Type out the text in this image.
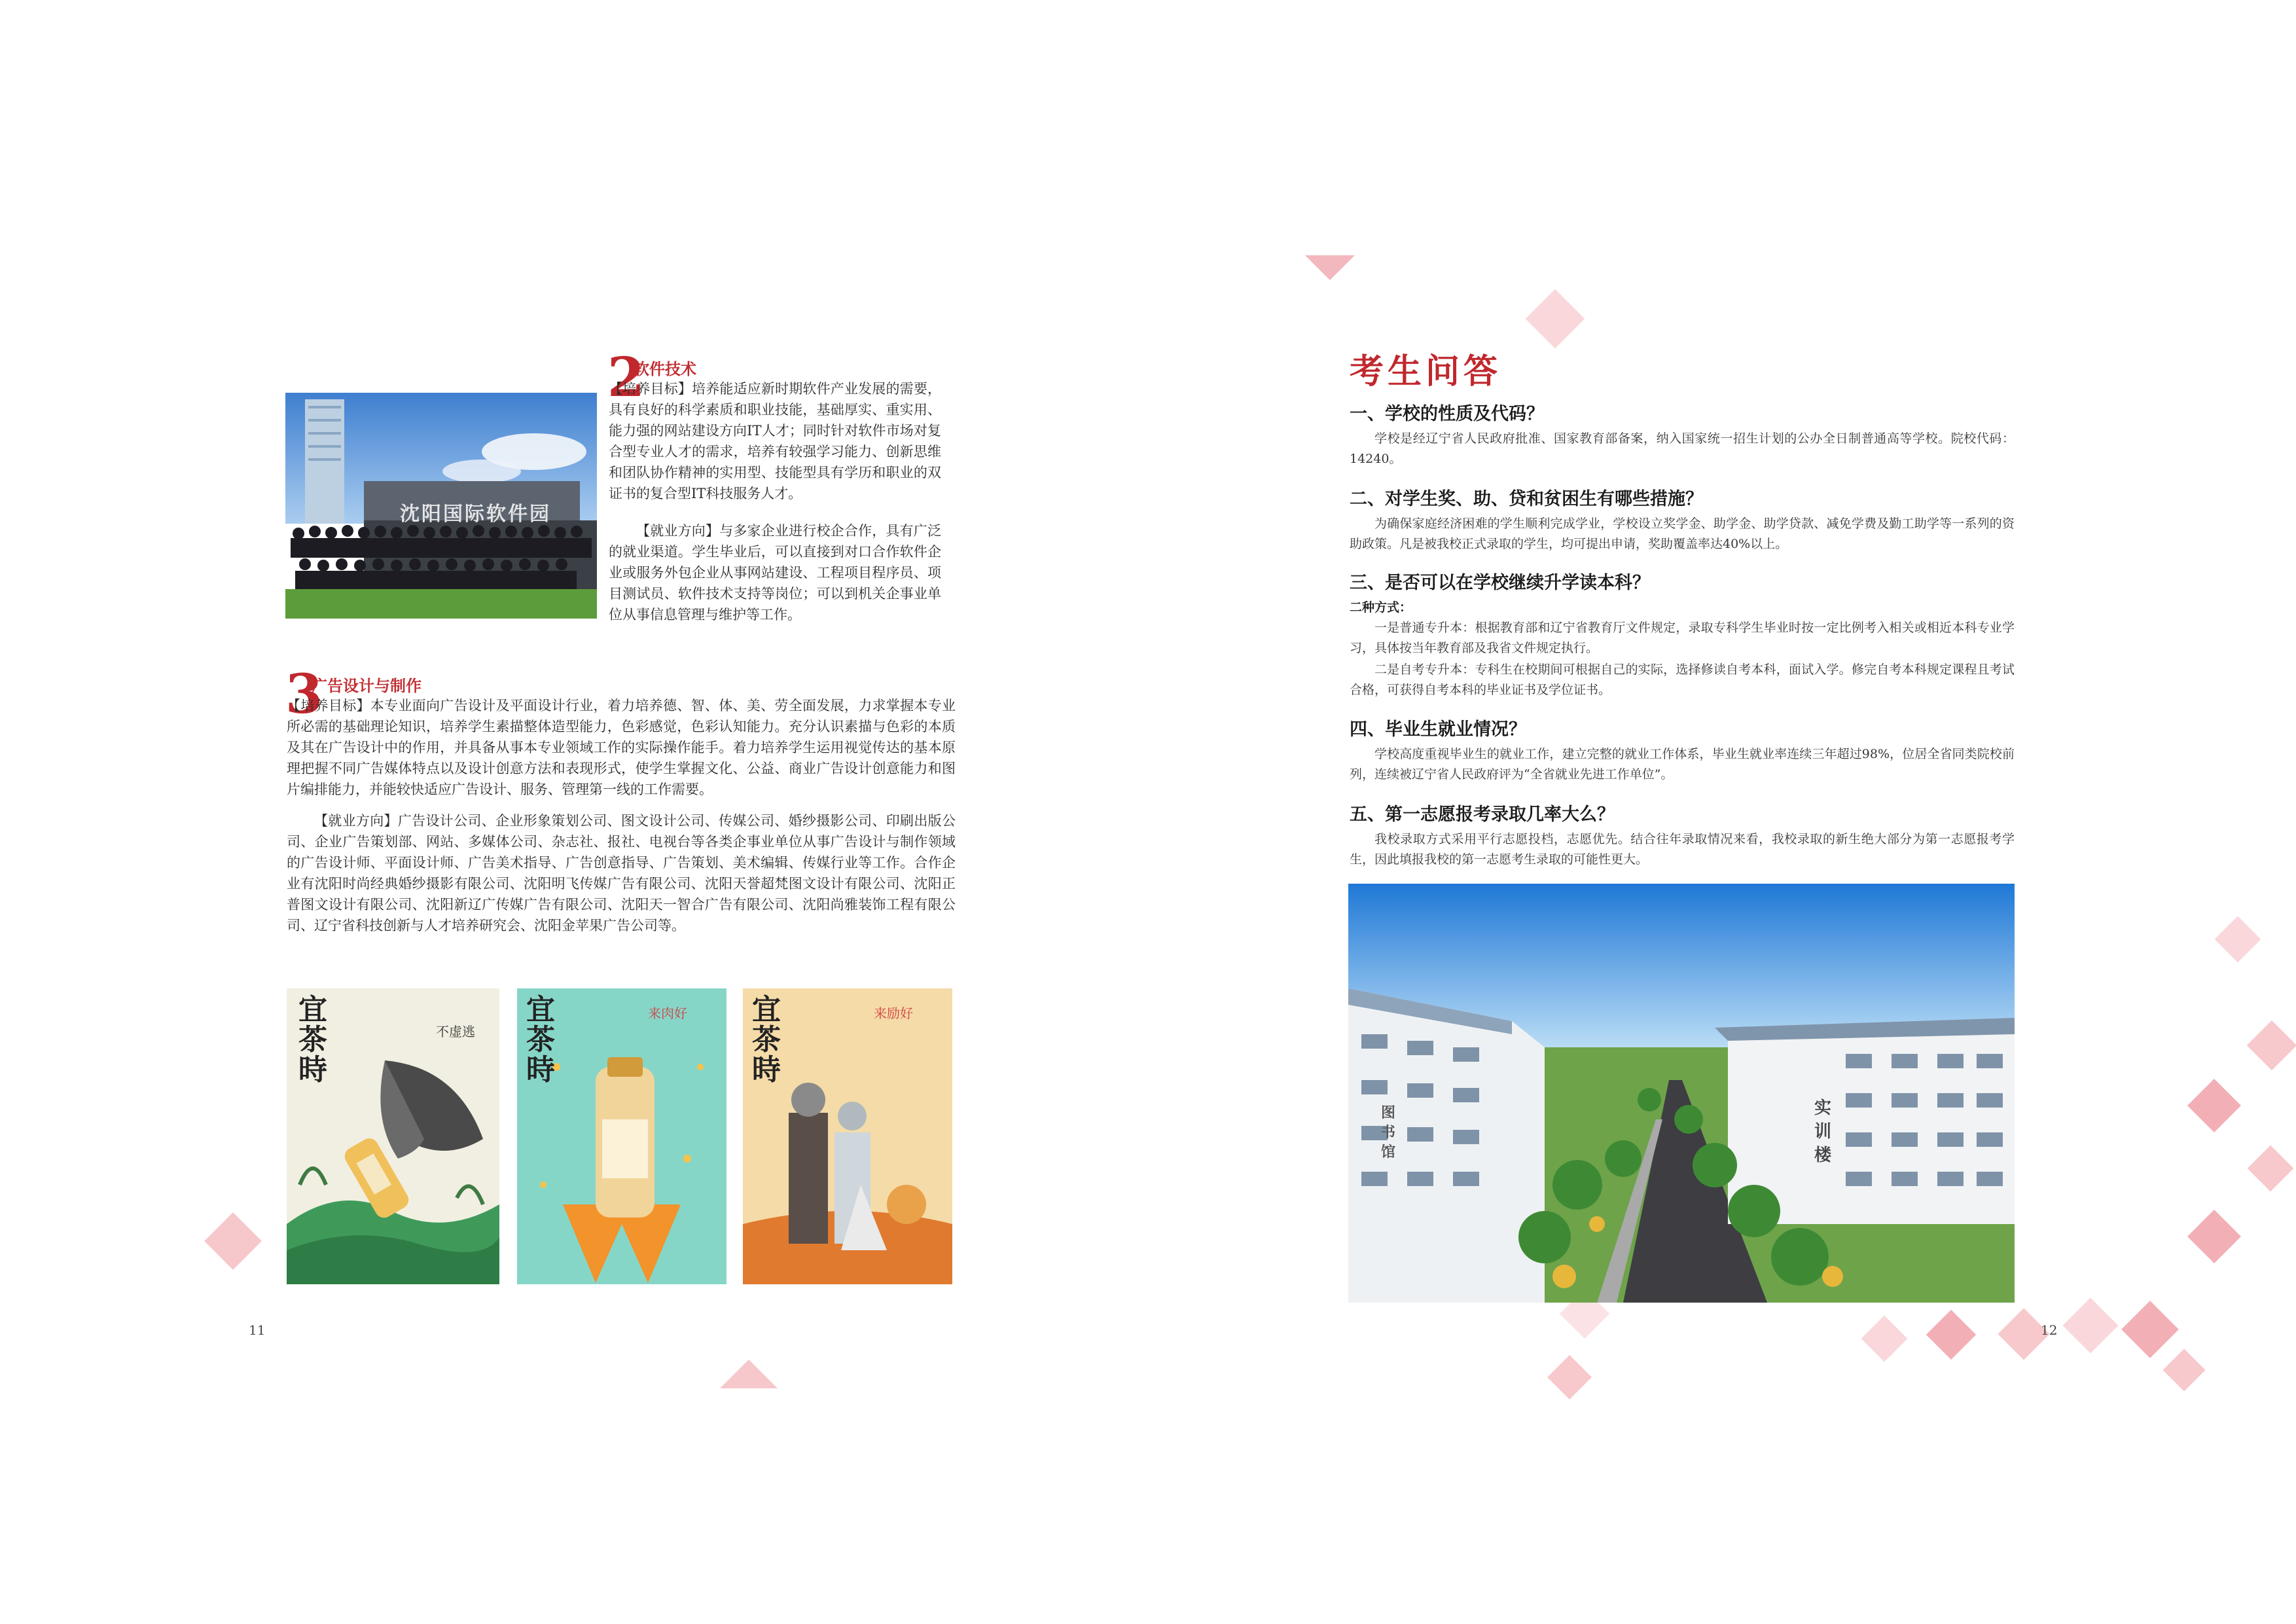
沈阳国际软件园
2
软件技术

【培养目标】培养能适应新时期软件产业发展的需要，具有良好的科学素质和职业技能，基础厚实、重实用、能力强的网站建设方向IT人才；同时针对软件市场对复合型专业人才的需求，培养有较强学习能力、创新思维和团队协作精神的实用型、技能型具有学历和职业的双证书的复合型IT科技服务人才。

【就业方向】与多家企业进行校企合作，具有广泛的就业渠道。学生毕业后，可以直接到对口合作软件企业或服务外包企业从事网站建设、工程项目程序员、项目测试员、软件技术支持等岗位；可以到机关企事业单位从事信息管理与维护等工作。

3
广告设计与制作

【培养目标】本专业面向广告设计及平面设计行业，着力培养德、智、体、美、劳全面发展，力求掌握本专业所必需的基础理论知识，培养学生素描整体造型能力，色彩感觉，色彩认知能力。充分认识素描与色彩的本质及其在广告设计中的作用，并具备从事本专业领域工作的实际操作能手。着力培养学生运用视觉传达的基本原理把握不同广告媒体特点以及设计创意方法和表现形式，使学生掌握文化、公益、商业广告设计创意能力和图片编排能力，并能较快适应广告设计、服务、管理第一线的工作需要。

【就业方向】广告设计公司、企业形象策划公司、图文设计公司、传媒公司、婚纱摄影公司、印刷出版公司、企业广告策划部、网站、多媒体公司、杂志社、报社、电视台等各类企事业单位从事广告设计与制作领域的广告设计师、平面设计师、广告美术指导、广告创意指导、广告策划、美术编辑、传媒行业等工作。合作企业有沈阳时尚经典婚纱摄影有限公司、沈阳明飞传媒广告有限公司、沈阳天誉超梵图文设计有限公司、沈阳正普图文设计有限公司、沈阳新辽广传媒广告有限公司、沈阳天一智合广告有限公司、沈阳尚雅装饰工程有限公司、辽宁省科技创新与人才培养研究会、沈阳金苹果广告公司等。

宜
茶
時
不虚逃
宜
茶
時
来肉好 宜
茶
時
来励好
11
考生问答
一、学校的性质及代码？

学校是经辽宁省人民政府批准、国家教育部备案，纳入国家统一招生计划的公办全日制普通高等学校。院校代码：14240。

二、对学生奖、助、贷和贫困生有哪些措施？

为确保家庭经济困难的学生顺利完成学业，学校设立奖学金、助学金、助学贷款、减免学费及勤工助学等一系列的资助政策。凡是被我校正式录取的学生，均可提出申请，奖助覆盖率达40%以上。

三、是否可以在学校继续升学读本科？
二种方式：

一是普通专升本：根据教育部和辽宁省教育厅文件规定，录取专科学生毕业时按一定比例考入相关或相近本科专业学习，具体按当年教育部及我省文件规定执行。

二是自考专升本：专科生在校期间可根据自己的实际，选择修读自考本科，面试入学。修完自考本科规定课程且考试合格，可获得自考本科的毕业证书及学位证书。

四、毕业生就业情况？

学校高度重视毕业生的就业工作，建立完整的就业工作体系，毕业生就业率连续三年超过98%，位居全省同类院校前列，连续被辽宁省人民政府评为“全省就业先进工作单位”。

五、第一志愿报考录取几率大么？

我校录取方式采用平行志愿投档，志愿优先。结合往年录取情况来看，我校录取的新生绝大部分为第一志愿报考学生，因此填报我校的第一志愿考生录取的可能性更大。

图
书
馆
实
训
楼
12
